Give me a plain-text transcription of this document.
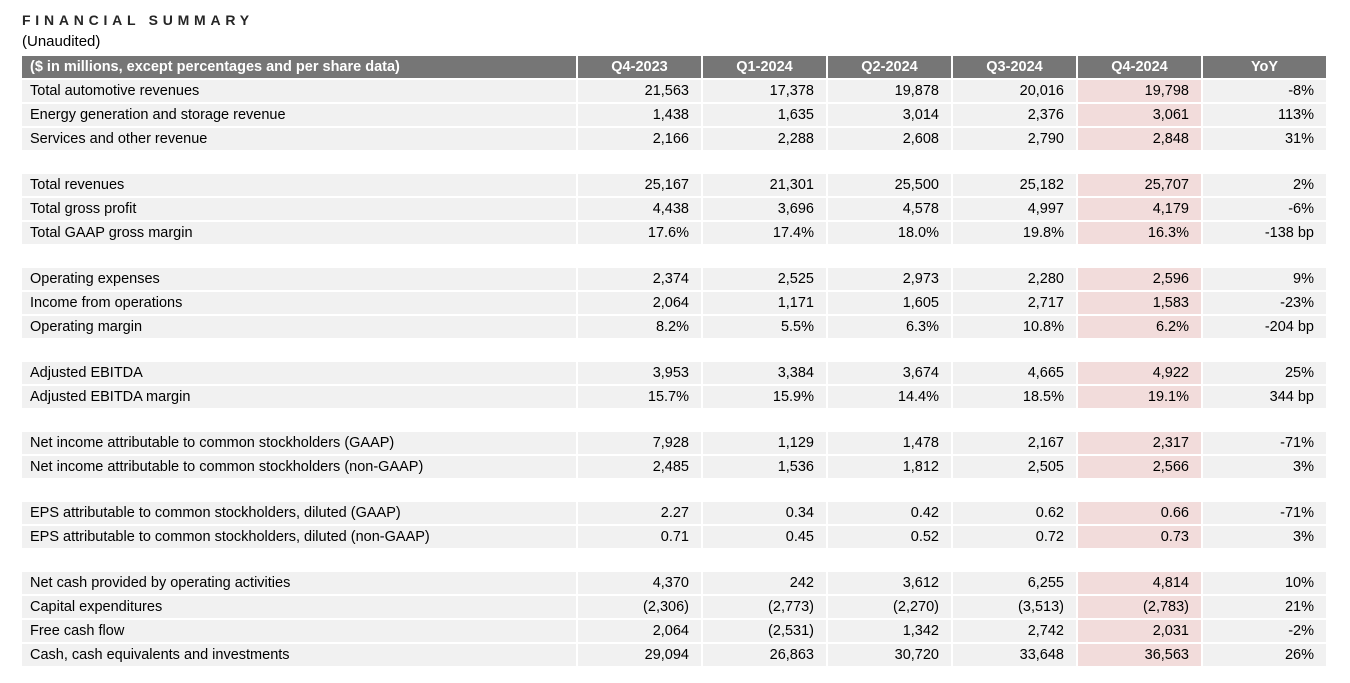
FINANCIAL SUMMARY
(Unaudited)
($ in millions, except percentages and per share data)	Q4-2023	Q1-2024	Q2-2024	Q3-2024	Q4-2024	YoY
Total automotive revenues	21,563	17,378	19,878	20,016	19,798	-8%
Energy generation and storage revenue	1,438	1,635	3,014	2,376	3,061	113%
Services and other revenue	2,166	2,288	2,608	2,790	2,848	31%

Total revenues	25,167	21,301	25,500	25,182	25,707	2%
Total gross profit	4,438	3,696	4,578	4,997	4,179	-6%
Total GAAP gross margin	17.6%	17.4%	18.0%	19.8%	16.3%	-138 bp

Operating expenses	2,374	2,525	2,973	2,280	2,596	9%
Income from operations	2,064	1,171	1,605	2,717	1,583	-23%
Operating margin	8.2%	5.5%	6.3%	10.8%	6.2%	-204 bp

Adjusted EBITDA	3,953	3,384	3,674	4,665	4,922	25%
Adjusted EBITDA margin	15.7%	15.9%	14.4%	18.5%	19.1%	344 bp

Net income attributable to common stockholders (GAAP)	7,928	1,129	1,478	2,167	2,317	-71%
Net income attributable to common stockholders (non-GAAP)	2,485	1,536	1,812	2,505	2,566	3%

EPS attributable to common stockholders, diluted (GAAP)	2.27	0.34	0.42	0.62	0.66	-71%
EPS attributable to common stockholders, diluted (non-GAAP)	0.71	0.45	0.52	0.72	0.73	3%

Net cash provided by operating activities	4,370	242	3,612	6,255	4,814	10%
Capital expenditures	(2,306)	(2,773)	(2,270)	(3,513)	(2,783)	21%
Free cash flow	2,064	(2,531)	1,342	2,742	2,031	-2%
Cash, cash equivalents and investments	29,094	26,863	30,720	33,648	36,563	26%
